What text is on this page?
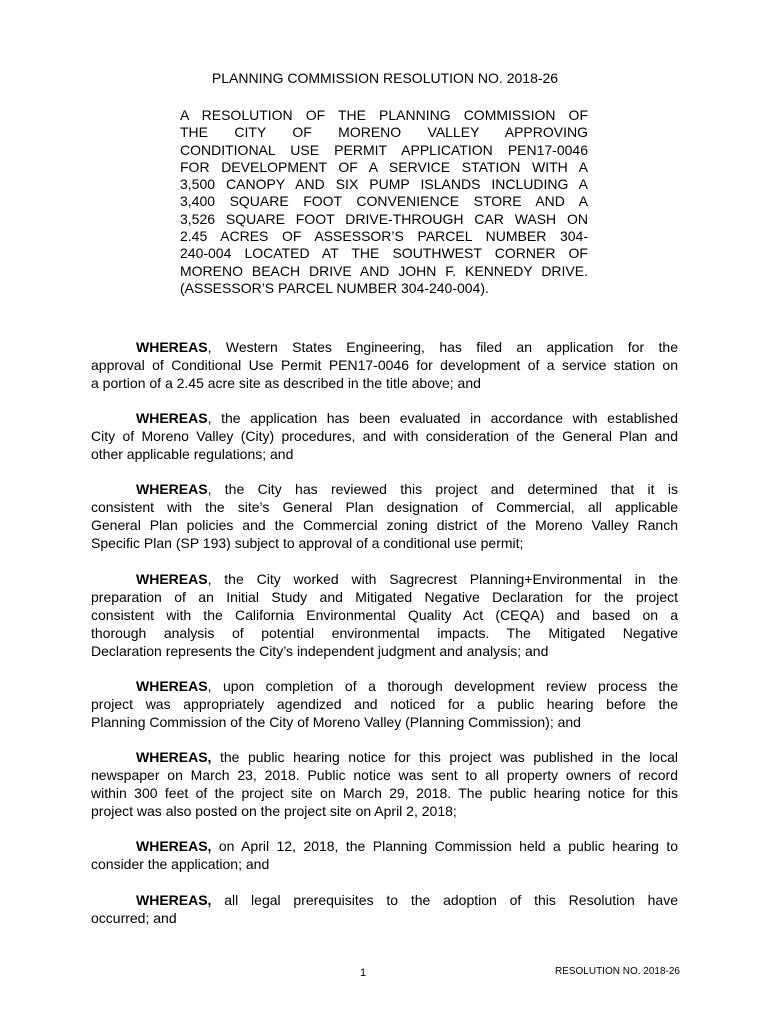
PLANNING COMMISSION RESOLUTION NO. 2018-26
A RESOLUTION OF THE PLANNING COMMISSION OF
THE CITY OF MORENO VALLEY APPROVING
CONDITIONAL USE PERMIT APPLICATION PEN17-0046
FOR DEVELOPMENT OF A SERVICE STATION WITH A
3,500 CANOPY AND SIX PUMP ISLANDS INCLUDING A
3,400 SQUARE FOOT CONVENIENCE STORE AND A
3,526 SQUARE FOOT DRIVE-THROUGH CAR WASH ON
2.45 ACRES OF ASSESSOR’S PARCEL NUMBER 304-
240-004 LOCATED AT THE SOUTHWEST CORNER OF
MORENO BEACH DRIVE AND JOHN F. KENNEDY DRIVE.
(ASSESSOR’S PARCEL NUMBER 304-240-004).
WHEREAS, Western States Engineering, has filed an application for the
approval of Conditional Use Permit PEN17-0046 for development of a service station on
a portion of a 2.45 acre site as described in the title above; and
WHEREAS, the application has been evaluated in accordance with established
City of Moreno Valley (City) procedures, and with consideration of the General Plan and
other applicable regulations; and
WHEREAS, the City has reviewed this project and determined that it is
consistent with the site’s General Plan designation of Commercial, all applicable
General Plan policies and the Commercial zoning district of the Moreno Valley Ranch
Specific Plan (SP 193) subject to approval of a conditional use permit;
WHEREAS, the City worked with Sagrecrest Planning+Environmental in the
preparation of an Initial Study and Mitigated Negative Declaration for the project
consistent with the California Environmental Quality Act (CEQA) and based on a
thorough analysis of potential environmental impacts. The Mitigated Negative
Declaration represents the City’s independent judgment and analysis; and
WHEREAS, upon completion of a thorough development review process the
project was appropriately agendized and noticed for a public hearing before the
Planning Commission of the City of Moreno Valley (Planning Commission); and
WHEREAS, the public hearing notice for this project was published in the local
newspaper on March 23, 2018. Public notice was sent to all property owners of record
within 300 feet of the project site on March 29, 2018. The public hearing notice for this
project was also posted on the project site on April 2, 2018;
WHEREAS, on April 12, 2018, the Planning Commission held a public hearing to
consider the application; and
WHEREAS, all legal prerequisites to the adoption of this Resolution have
occurred; and
1	RESOLUTION NO. 2018-26
